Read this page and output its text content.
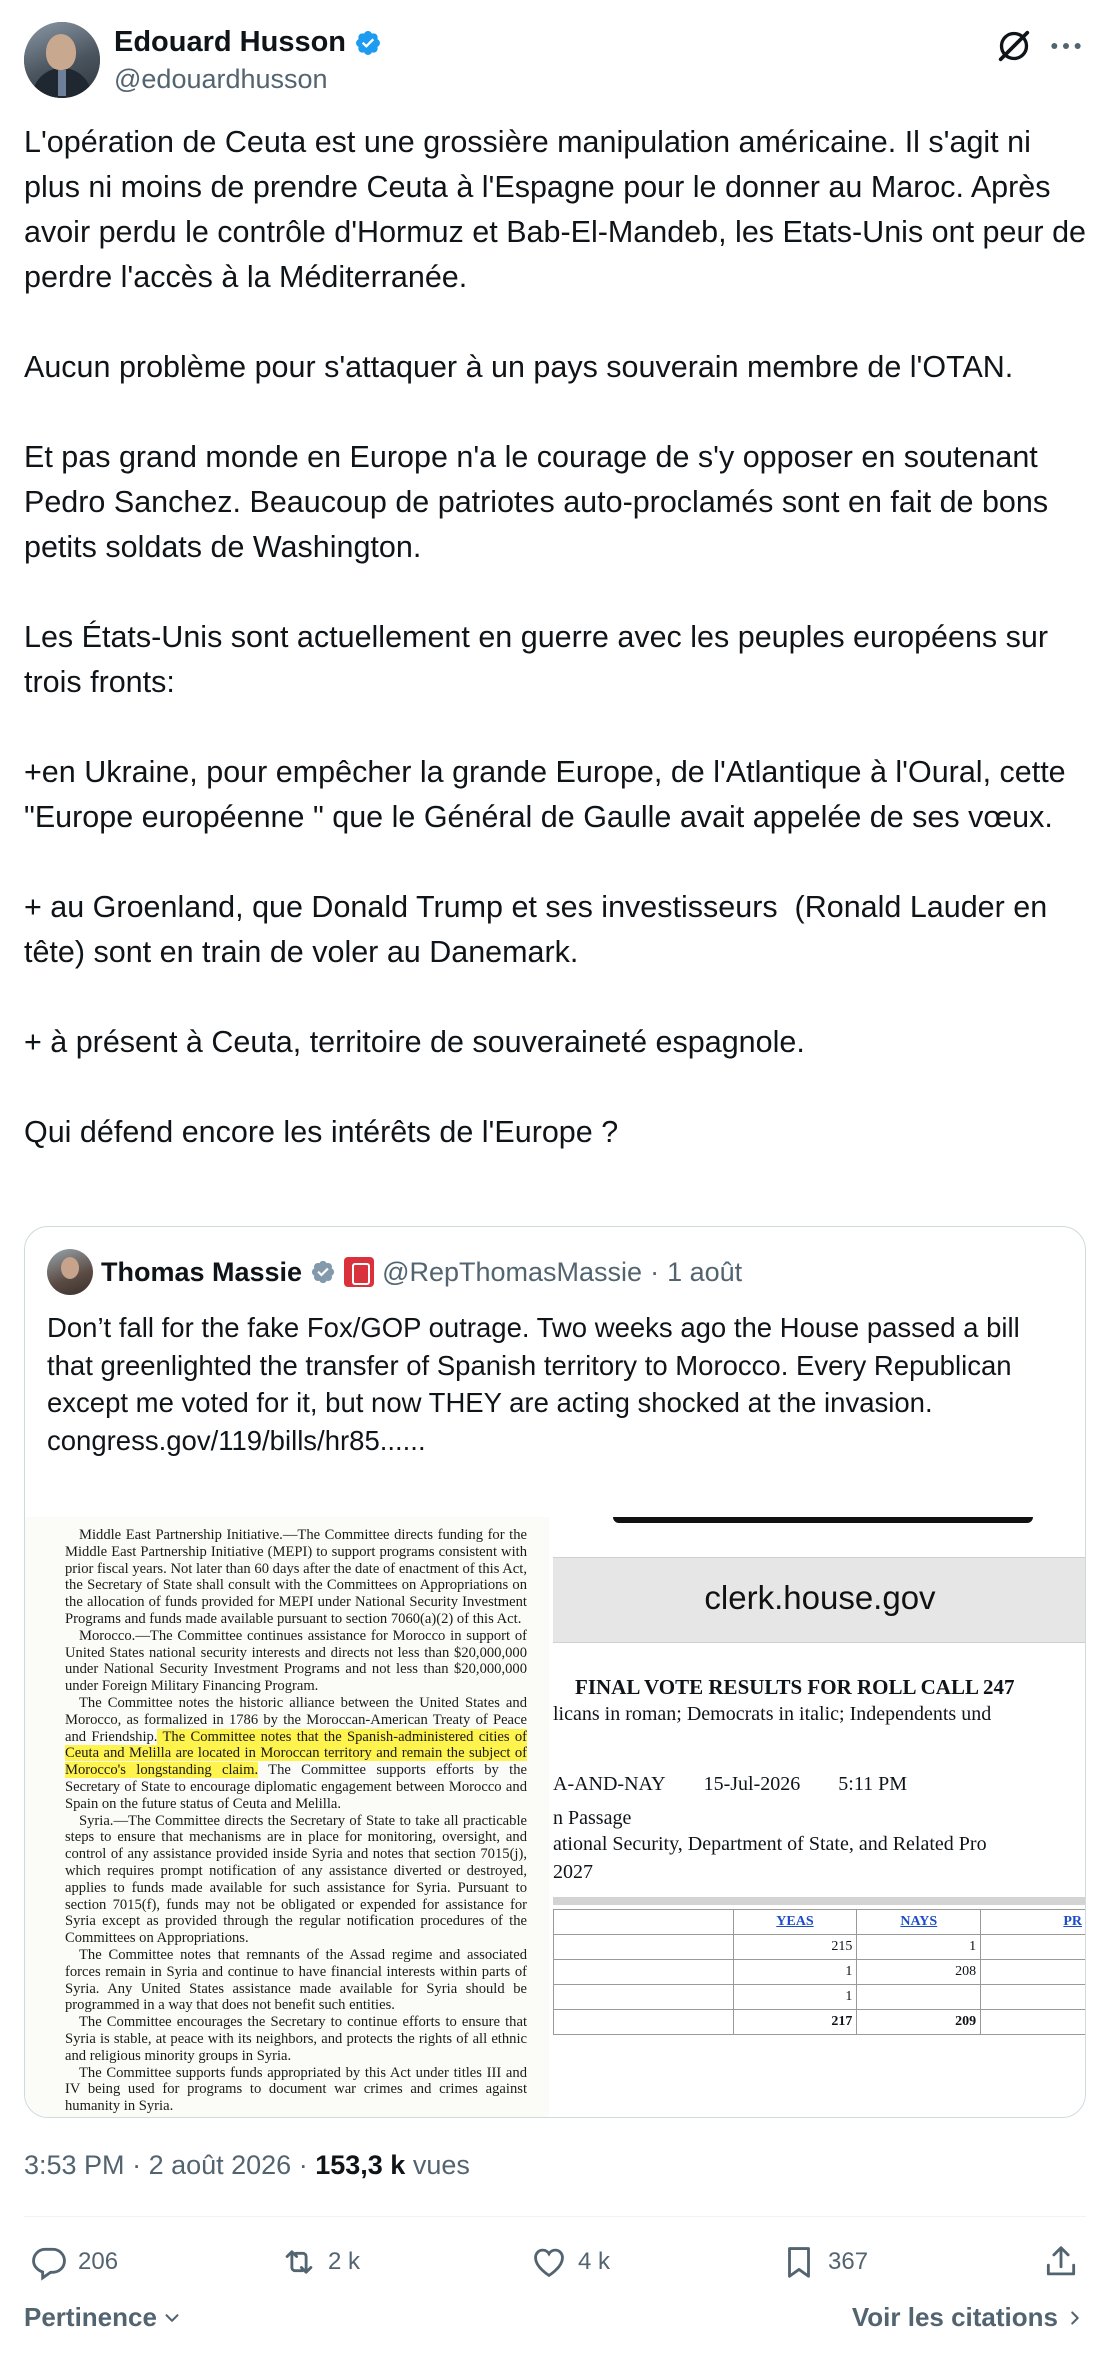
Edouard Husson
@edouardhusson

L'opération de Ceuta est une grossière manipulation américaine. Il s'agit ni plus ni moins de prendre Ceuta à l'Espagne pour le donner au Maroc. Après avoir perdu le contrôle d'Hormuz et Bab-El-Mandeb, les Etats-Unis ont peur de perdre l'accès à la Méditerranée.

Aucun problème pour s'attaquer à un pays souverain membre de l'OTAN.

Et pas grand monde en Europe n'a le courage de s'y opposer en soutenant Pedro Sanchez. Beaucoup de patriotes auto-proclamés sont en fait de bons petits soldats de Washington.

Les États-Unis sont actuellement en guerre avec les peuples européens sur trois fronts:

+en Ukraine, pour empêcher la grande Europe, de l'Atlantique à l'Oural, cette "Europe européenne " que le Général de Gaulle avait appelée de ses vœux.

+ au Groenland, que Donald Trump et ses investisseurs  (Ronald Lauder en tête) sont en train de voler au Danemark.

+ à présent à Ceuta, territoire de souveraineté espagnole.

Qui défend encore les intérêts de l'Europe ?

Thomas Massie	@RepThomasMassie · 1 août

Don’t fall for the fake Fox/GOP outrage. Two weeks ago the House passed a bill that greenlighted the transfer of Spanish territory to Morocco. Every Republican except me voted for it, but now THEY are acting shocked at the invasion.

congress.gov/119/bills/hr85......

Middle East Partnership Initiative.—The Committee directs funding for the Middle East Partnership Initiative (MEPI) to support programs consistent with prior fiscal years. Not later than 60 days after the date of enactment of this Act, the Secretary of State shall consult with the Committees on Appropriations on the allocation of funds provided for MEPI under National Security Investment Programs and funds made available pursuant to section 7060(a)(2) of this Act.

Morocco.—The Committee continues assistance for Morocco in support of United States national security interests and directs not less than $20,000,000 under National Security Investment Programs and not less than $20,000,000 under Foreign Military Financing Program.

The Committee notes the historic alliance between the United States and Morocco, as formalized in 1786 by the Moroccan-American Treaty of Peace and Friendship. The Committee notes that the Spanish-administered cities of Ceuta and Melilla are located in Moroccan territory and remain the subject of Morocco's longstanding claim. The Committee supports efforts by the Secretary of State to encourage diplomatic engagement between Morocco and Spain on the future status of Ceuta and Melilla.

Syria.—The Committee directs the Secretary of State to take all practicable steps to ensure that mechanisms are in place for monitoring, oversight, and control of any assistance provided inside Syria and notes that section 7015(j), which requires prompt notification of any assistance diverted or destroyed, applies to funds made available for such assistance for Syria. Pursuant to section 7015(f), funds may not be obligated or expended for assistance for Syria except as provided through the regular notification procedures of the Committees on Appropriations.

The Committee notes that remnants of the Assad regime and associated forces remain in Syria and continue to have financial interests within parts of Syria. Any United States assistance made available for Syria should be programmed in a way that does not benefit such entities.

The Committee encourages the Secretary to continue efforts to ensure that Syria is stable, at peace with its neighbors, and protects the rights of all ethnic and religious minority groups in Syria.

The Committee supports funds appropriated by this Act under titles III and IV being used for programs to document war crimes and crimes against humanity in Syria.

clerk.house.gov
FINAL VOTE RESULTS FOR ROLL CALL 247
licans in roman; Democrats in italic; Independents und
A-AND-NAY 15-Jul-2026 5:11 PM
n Passage
ational Security, Department of State, and Related Pro
2027
	YEAS	NAYS	PR
	215	1	
	1	208	
	1		
	217	209	
3:53 PM · 2 août 2026 · 153,3 k vues
206	2 k	4 k	367
Pertinence	Voir les citations
